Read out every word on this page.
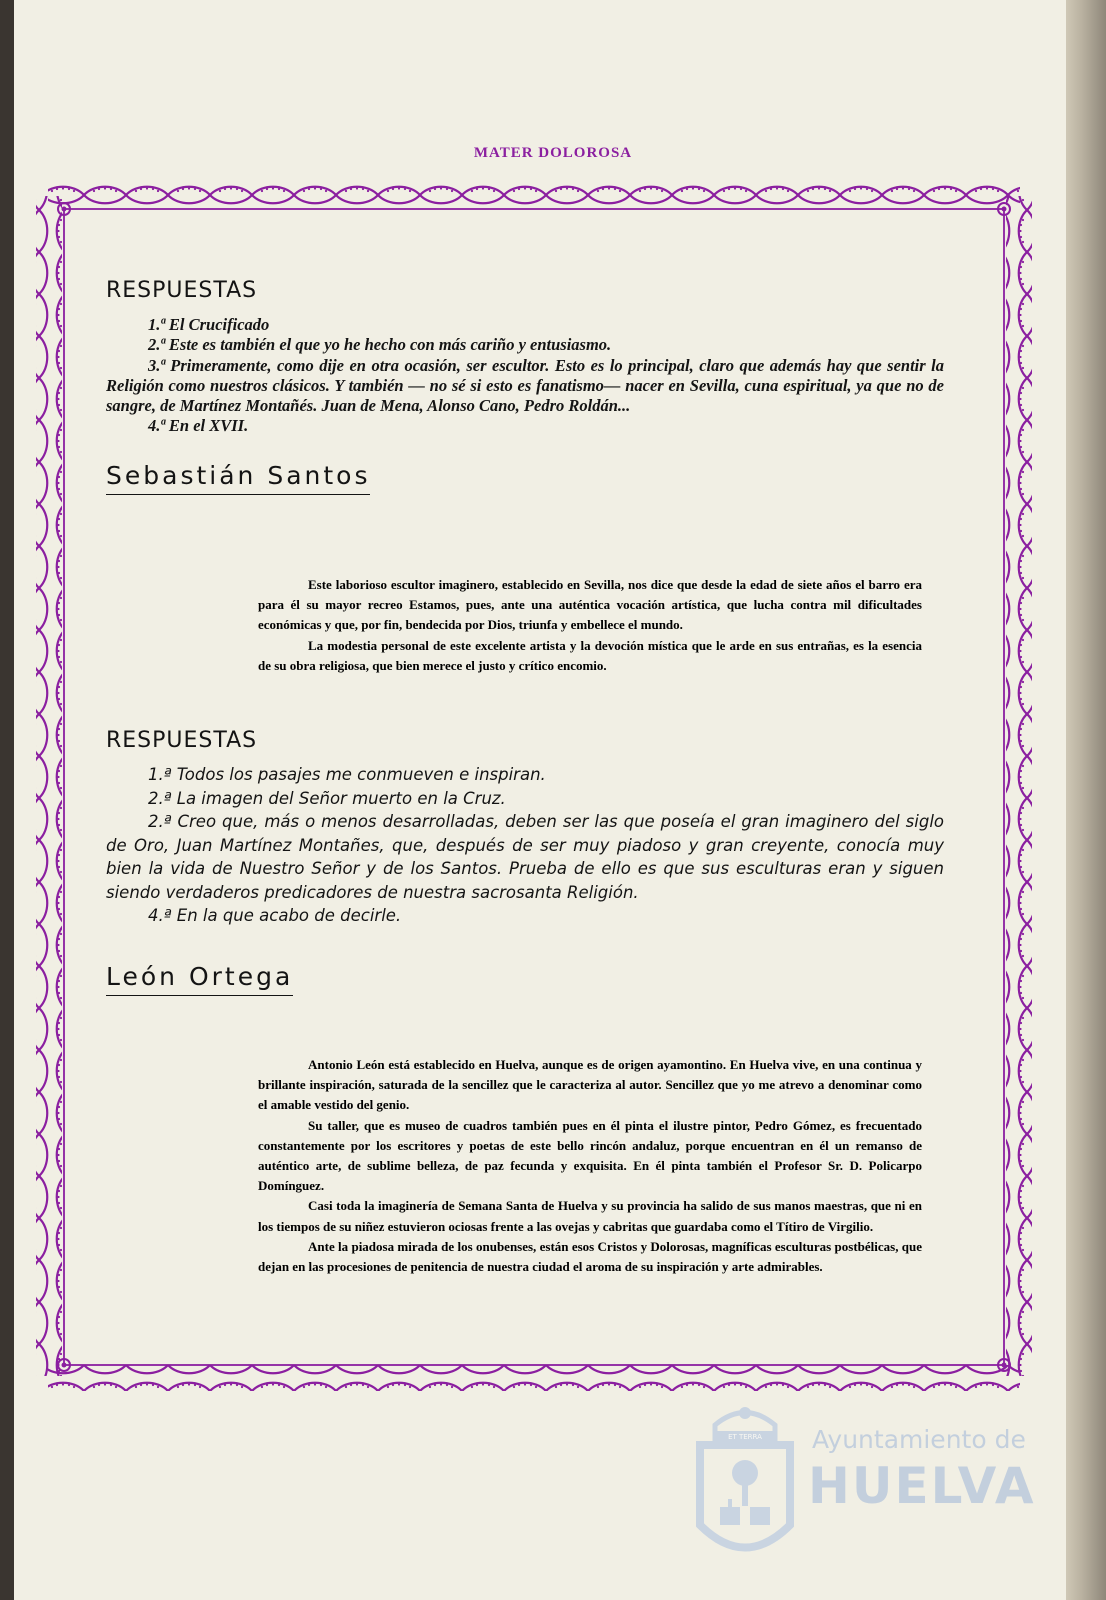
MATER DOLOROSA
RESPUESTAS

1.ª El Crucificado

2.ª Este es también el que yo he hecho con más cariño y entusiasmo.

3.ª Primeramente, como dije en otra ocasión, ser escultor. Esto es lo principal, claro que además hay que sentir la Religión como nuestros clásicos. Y también — no sé si esto es fanatismo— nacer en Sevilla, cuna espiritual, ya que no de sangre, de Martínez Montañés. Juan de Mena, Alonso Cano, Pedro Roldán...

4.ª En el XVII.

Sebastián Santos

Este laborioso escultor imaginero, establecido en Sevilla, nos dice que desde la edad de siete años el barro era para él su mayor recreo Estamos, pues, ante una auténtica vocación artística, que lucha contra mil dificultades económicas y que, por fin, bendecida por Dios, triunfa y embellece el mundo.

La modestia personal de este excelente artista y la devoción mística que le arde en sus entrañas, es la esencia de su obra religiosa, que bien merece el justo y crítico encomio.

RESPUESTAS

1.ª Todos los pasajes me conmueven e inspiran.

2.ª La imagen del Señor muerto en la Cruz.

2.ª Creo que, más o menos desarrolladas, deben ser las que poseía el gran imaginero del siglo de Oro, Juan Martínez Montañes, que, después de ser muy piadoso y gran creyente, conocía muy bien la vida de Nuestro Señor y de los Santos. Prueba de ello es que sus esculturas eran y siguen siendo verdaderos predicadores de nuestra sacrosanta Religión.

4.ª En la que acabo de decirle.

León Ortega

Antonio León está establecido en Huelva, aunque es de origen ayamontino. En Huelva vive, en una continua y brillante inspiración, saturada de la sencillez que le caracteriza al autor. Sencillez que yo me atrevo a denominar como el amable vestido del genio.

Su taller, que es museo de cuadros también pues en él pinta el ilustre pintor, Pedro Gómez, es frecuentado constantemente por los escritores y poetas de este bello rincón andaluz, porque encuentran en él un remanso de auténtico arte, de sublime belleza, de paz fecunda y exquisita. En él pinta también el Profesor Sr. D. Policarpo Domínguez.

Casi toda la imaginería de Semana Santa de Huelva y su provincia ha salido de sus manos maestras, que ni en los tiempos de su niñez estuvieron ociosas frente a las ovejas y cabritas que guardaba como el Títiro de Virgilio.

Ante la piadosa mirada de los onubenses, están esos Cristos y Dolorosas, magníficas esculturas postbélicas, que dejan en las procesiones de penitencia de nuestra ciudad el aroma de su inspiración y arte admirables.

ET TERRA Ayuntamiento de
HUELVA
